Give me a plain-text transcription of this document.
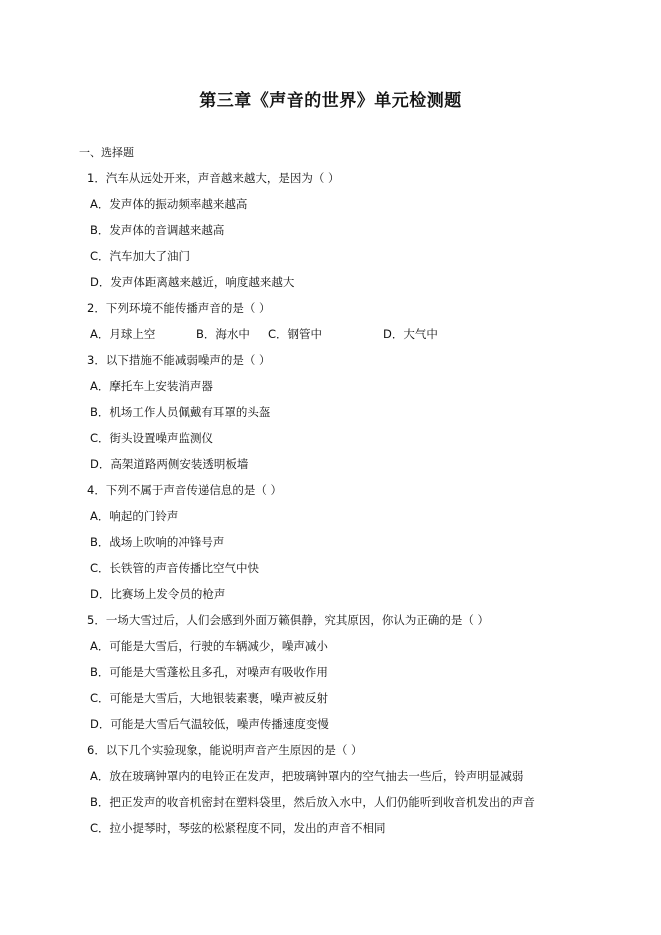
第三章《声音的世界》单元检测题
一、选择题
1．汽车从远处开来，声音越来越大，是因为（ ）
A．发声体的振动频率越来越高
B．发声体的音调越来越高
C．汽车加大了油门
D．发声体距离越来越近，响度越来越大
2．下列环境不能传播声音的是（ ）
A．月球上空	B．海水中 C．钢管中	D．大气中
3．以下措施不能减弱噪声的是（ ）
A．摩托车上安装消声器
B．机场工作人员佩戴有耳罩的头盔
C．街头设置噪声监测仪
D．高架道路两侧安装透明板墙
4．下列不属于声音传递信息的是（ ）
A．响起的门铃声
B．战场上吹响的冲锋号声
C．长铁管的声音传播比空气中快
D．比赛场上发令员的枪声
5．一场大雪过后，人们会感到外面万籁俱静，究其原因，你认为正确的是（ ）
A．可能是大雪后，行驶的车辆减少，噪声减小
B．可能是大雪蓬松且多孔，对噪声有吸收作用
C．可能是大雪后，大地银装素裹，噪声被反射
D．可能是大雪后气温较低，噪声传播速度变慢
6．以下几个实验现象，能说明声音产生原因的是（ ）
A．放在玻璃钟罩内的电铃正在发声，把玻璃钟罩内的空气抽去一些后，铃声明显减弱
B．把正发声的收音机密封在塑料袋里，然后放入水中，人们仍能听到收音机发出的声音
C．拉小提琴时，琴弦的松紧程度不同，发出的声音不相同
